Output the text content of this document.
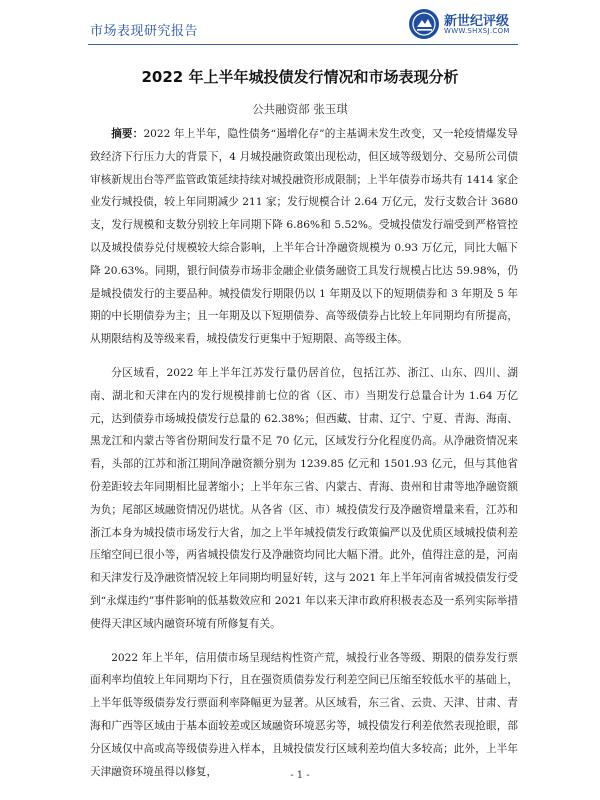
市场表现研究报告
新世纪评级
WWW.SHXSJ.COM
2022 年上半年城投债发行情况和市场表现分析
公共融资部 张玉琪

摘要：2022 年上半年，隐性债务“遏增化存”的主基调未发生改变，又一轮疫情爆发导致经济下行压力大的背景下，4 月城投融资政策出现松动，但区域等级划分、交易所公司债审核新规出台等严监管政策延续持续对城投融资形成限制；上半年债券市场共有 1414 家企业发行城投债，较上年同期减少 211 家；发行规模合计 2.64 万亿元，发行支数合计 3680 支，发行规模和支数分别较上年同期下降 6.86%和 5.52%。受城投债发行端受到严格管控以及城投债券兑付规模较大综合影响，上半年合计净融资规模为 0.93 万亿元，同比大幅下降 20.63%。同期，银行间债券市场非金融企业债务融资工具发行规模占比达 59.98%，仍是城投债发行的主要品种。城投债发行期限仍以 1 年期及以下的短期债券和 3 年期及 5 年期的中长期债券为主；且一年期及以下短期债券、高等级债券占比较上年同期均有所提高，从期限结构及等级来看，城投债发行更集中于短期限、高等级主体。

分区域看，2022 年上半年江苏发行量仍居首位，包括江苏、浙江、山东、四川、湖南、湖北和天津在内的发行规模排前七位的省（区、市）当期发行总量合计为 1.64 万亿元，达到债券市场城投债发行总量的 62.38%；但西藏、甘肃、辽宁、宁夏、青海、海南、黑龙江和内蒙古等省份期间发行量不足 70 亿元，区域发行分化程度仍高。从净融资情况来看，头部的江苏和浙江期间净融资额分别为 1239.85 亿元和 1501.93 亿元，但与其他省份差距较去年同期相比显著缩小；上半年东三省、内蒙古、青海、贵州和甘肃等地净融资额为负；尾部区域融资情况仍堪忧。从各省（区、市）城投债发行及净融资增量来看，江苏和浙江本身为城投债市场发行大省，加之上半年城投债发行政策偏严以及优质区域城投债利差压缩空间已很小等，两省城投债发行及净融资均同比大幅下滑。此外，值得注意的是，河南和天津发行及净融资情况较上年同期均明显好转，这与 2021 年上半年河南省城投债发行受到“永煤违约”事件影响的低基数效应和 2021 年以来天津市政府积极表态及一系列实际举措使得天津区域内融资环境有所修复有关。

2022 年上半年，信用债市场呈现结构性资产荒，城投行业各等级、期限的债券发行票面利率均值较上年同期均下行，且在强资质债券发行利差空间已压缩至较低水平的基础上，上半年低等级债券发行票面利率降幅更为显著。从区域看，东三省、云贵、天津、甘肃、青海和广西等区域由于基本面较差或区域融资环境恶劣等，城投债发行利差依然表现抢眼，部分区域仅中高或高等级债券进入样本，且城投债发行区域利差均值大多较高；此外，上半年天津融资环境虽得以修复，	- 1 -
